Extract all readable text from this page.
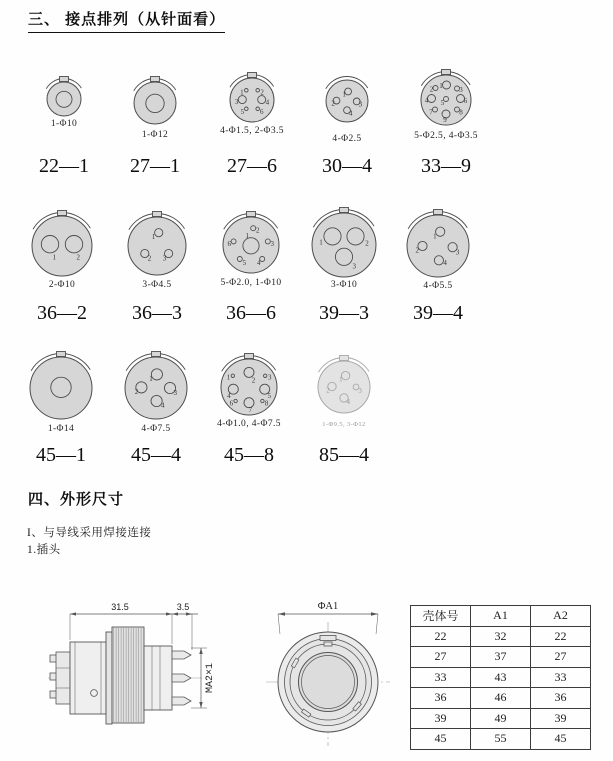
三、 接点排列（从针面看）
1-Φ10
22—1
1-Φ12
27—1
1 2
3	4
5 6
4-Φ1.5, 2-Φ3.5
27—6
1
2	3
4
4-Φ2.5
30—4
1
2	3
4 5	6
7	8
9
5-Φ2.5, 4-Φ3.5
33—9
1	2
2-Φ10
36—2
1
2 3
3-Φ4.5
36—3
1
2
3
4
5
6
5-Φ2.0, 1-Φ10
36—6
1	2
3
3-Φ10
39—3
1
2	3
4
4-Φ5.5
39—4
1-Φ14
45—1
1
2	3
4
4-Φ7.5
45—4
1	2 3
4	5
6
7
8
4-Φ1.0, 4-Φ7.5
45—8
1
2	3
4
1-Φ9.5, 3-Φ12
85—4
四、外形尺寸
I、与导线采用焊接连接
1.插头
MA2×1
31.5	3.5	ΦA1
壳体号	A1	A2
22	32	22
27	37	27
33	43	33
36	46	36
39	49	39
45	55	45
